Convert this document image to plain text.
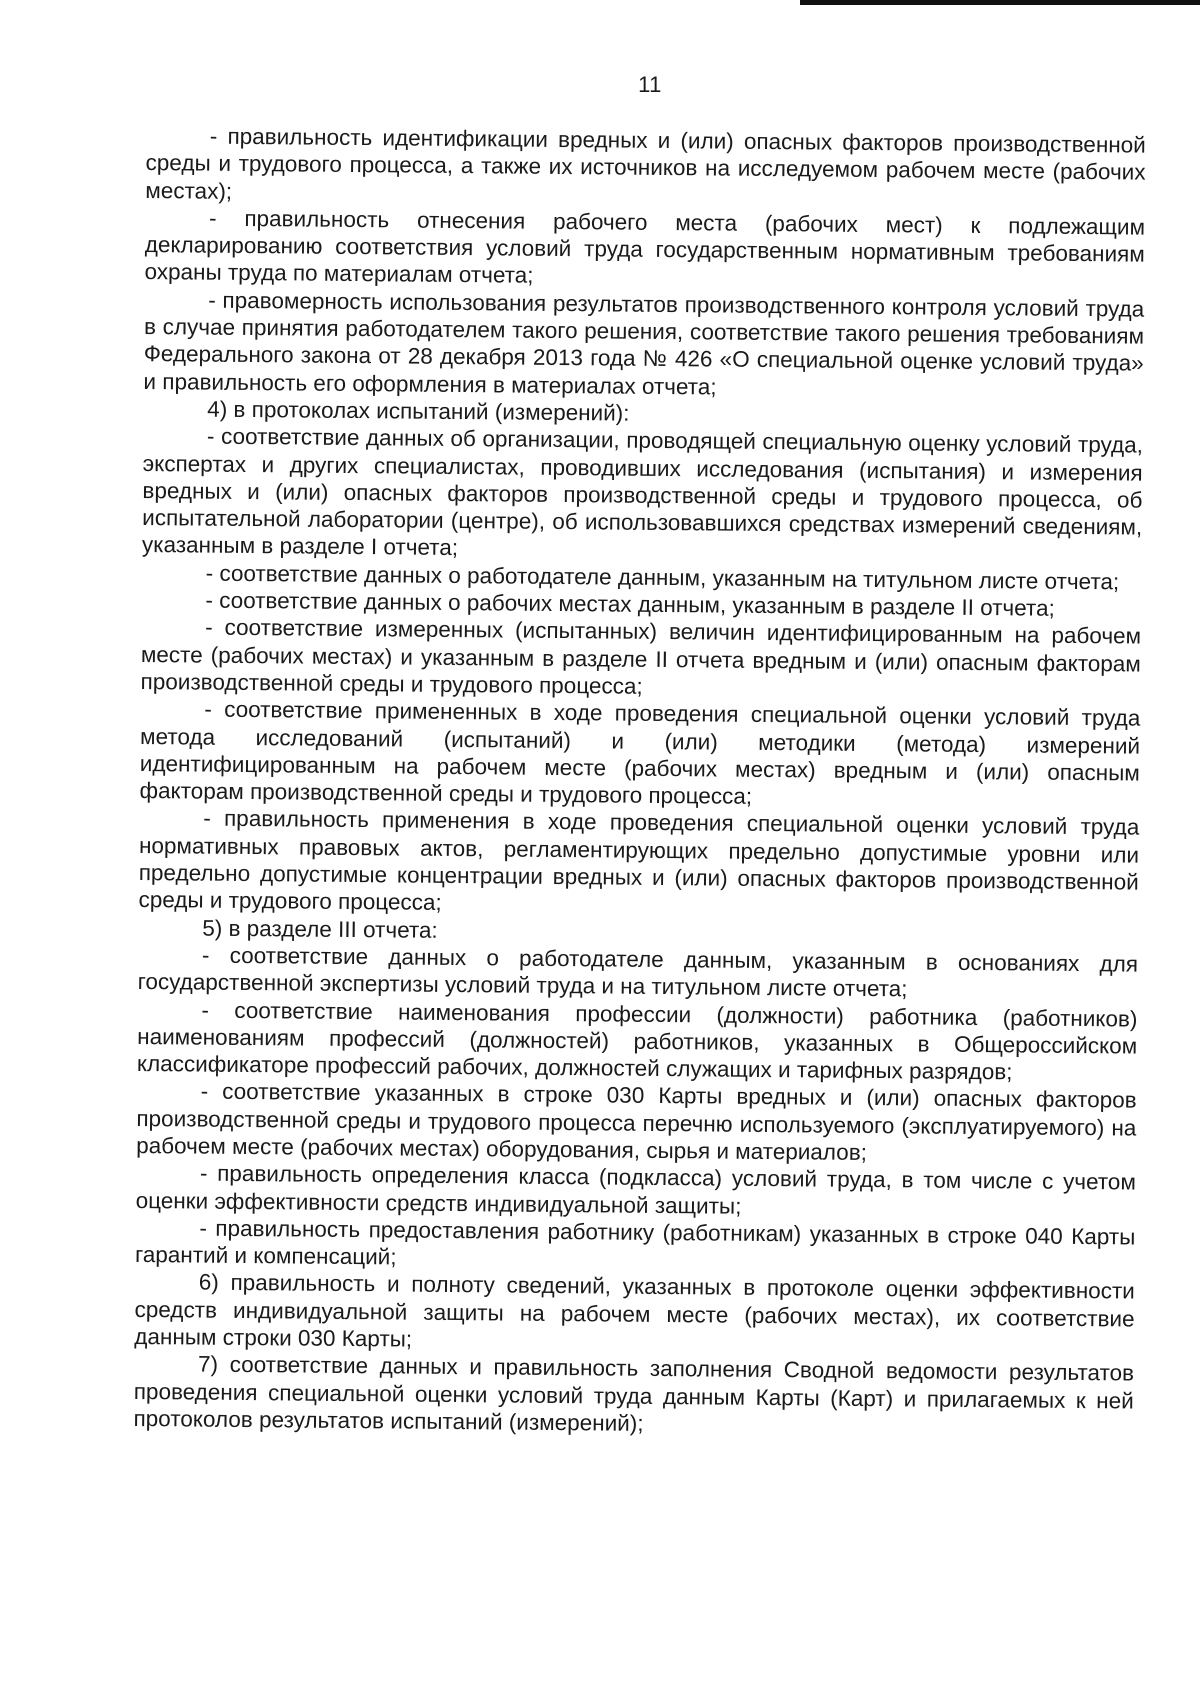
11

- правильность идентификации вредных и (или) опасных факторов производственной среды и трудового процесса, а также их источников на исследуемом рабочем месте (рабочих местах);

- правильность отнесения рабочего места (рабочих мест) к подлежащим декларированию соответствия условий труда государственным нормативным требованиям охраны труда по материалам отчета;

- правомерность использования результатов производственного контроля условий труда в случае принятия работодателем такого решения, соответствие такого решения требованиям Федерального закона от 28 декабря 2013 года № 426 «О специальной оценке условий труда» и правильность его оформления в материалах отчета;

4) в протоколах испытаний (измерений):

- соответствие данных об организации, проводящей специальную оценку условий труда, экспертах и других специалистах, проводивших исследования (испытания) и измерения вредных и (или) опасных факторов производственной среды и трудового процесса, об испытательной лаборатории (центре), об использовавшихся средствах измерений сведениям, указанным в разделе I отчета;

- соответствие данных о работодателе данным, указанным на титульном листе отчета;

- соответствие данных о рабочих местах данным, указанным в разделе II отчета;

- соответствие измеренных (испытанных) величин идентифицированным на рабочем месте (рабочих местах) и указанным в разделе II отчета вредным и (или) опасным факторам производственной среды и трудового процесса;

- соответствие примененных в ходе проведения специальной оценки условий труда метода исследований (испытаний) и (или) методики (метода) измерений идентифицированным на рабочем месте (рабочих местах) вредным и (или) опасным факторам производственной среды и трудового процесса;

- правильность применения в ходе проведения специальной оценки условий труда нормативных правовых актов, регламентирующих предельно допустимые уровни или предельно допустимые концентрации вредных и (или) опасных факторов производственной среды и трудового процесса;

5) в разделе III отчета:

- соответствие данных о работодателе данным, указанным в основаниях для государственной экспертизы условий труда и на титульном листе отчета;

- соответствие наименования профессии (должности) работника (работников) наименованиям профессий (должностей) работников, указанных в Общероссийском классификаторе профессий рабочих, должностей служащих и тарифных разрядов;

- соответствие указанных в строке 030 Карты вредных и (или) опасных факторов производственной среды и трудового процесса перечню используемого (эксплуатируемого) на рабочем месте (рабочих местах) оборудования, сырья и материалов;

- правильность определения класса (подкласса) условий труда, в том числе с учетом оценки эффективности средств индивидуальной защиты;

- правильность предоставления работнику (работникам) указанных в строке 040 Карты гарантий и компенсаций;

6) правильность и полноту сведений, указанных в протоколе оценки эффективности средств индивидуальной защиты на рабочем месте (рабочих местах), их соответствие данным строки 030 Карты;

7) соответствие данных и правильность заполнения Сводной ведомости результатов проведения специальной оценки условий труда данным Карты (Карт) и прилагаемых к ней протоколов результатов испытаний (измерений);
